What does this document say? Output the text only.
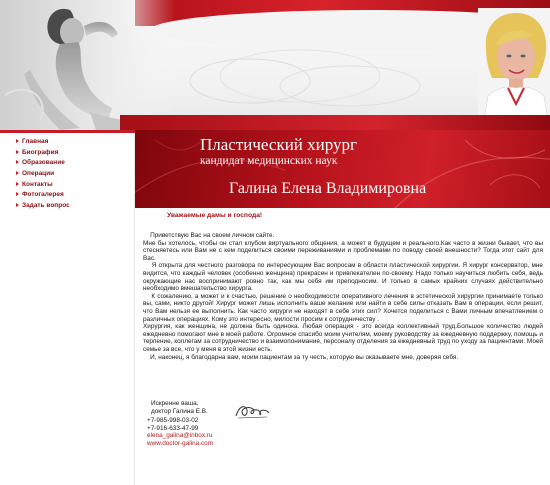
Главная
Биография
Образование
Операции
Контакты
Фотогалерея
Задать вопрос
Пластический хирург
кандидат медицинских наук
Галина Елена Владимировна
Уважаемые дамы и господа!

Приветствую Вас на своем личном сайте.

Мне бы хотелось, чтобы он стал клубом виртуального общения, а может в будущем и реального.Как часто в жизни бывает, что вы стесняетесь или Вам не с кем поделиться своими переживаниями и проблемами по поводу своей внешности? Тогда этот сайт для Вас.

Я открыта для честного разговора по интересующим Вас вопросам в области пластической хирургии. Я хирург консерватор, мне видится, что каждый человек (особенно женщина) прекрасен и привлекателен по-своему. Надо только научиться любить себя, ведь окружающие нас воспринимают ровно так, как мы себя им преподносим. И только в самых крайних случаях действительно необходимо вмешательство хирурга.

К сожалению, а может и к счастью, решение о необходимости оперативного лечения в эстетической хирургии принимаете только вы, сами, никто другой! Хирург может лишь исполнить ваше желание или найти в себе силы отказать Вам в операции, если решит, что Вам нельзя ее выполнить. Как часто хирурги не находят в себе этих сил? Хочется поделиться с Вами личным впечатлением о различных операциях. Кому это интересно, милости просим к сотрудничеству .

Хирургия, как женщина, не должна быть одинока. Любая операция - это всегда коллективный труд.Большое количество людей ежедневно помогают мне в моей работе. Огромное спасибо моим учителям, моему руководству за ежедневную поддержку, помощь и терпение, коллегам за сотрудничество и взаимопонимание, персоналу отделения за ежедневный труд по уходу за пациентами. Моей семье за все, что у меня в этой жизни есть.

И, наконец, я благодарна вам, моим пациентам за ту честь, которую вы оказываете мне, доверяя себя.

Искренне ваша,
доктор Галина Е.В.
+7-985-998-03-02
+7-916-633-47-99
elena_galina@inbox.ru
www.doctor-galina.com
